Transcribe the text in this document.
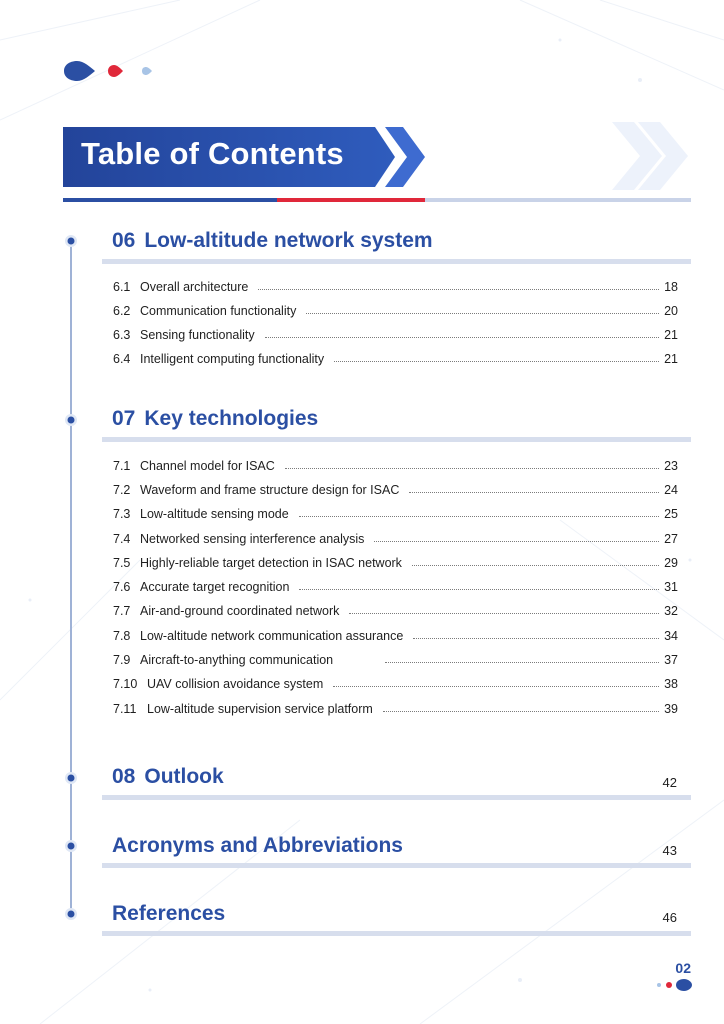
Table of Contents
06 Low-altitude network system
6.1 Overall architecture	18
6.2 Communication functionality	20
6.3 Sensing functionality	21
6.4 Intelligent computing functionality	21
07 Key technologies
7.1 Channel model for ISAC	23
7.2 Waveform and frame structure design for ISAC	24
7.3 Low-altitude sensing mode	25
7.4 Networked sensing interference analysis	27
7.5 Highly-reliable target detection in ISAC network	29
7.6 Accurate target recognition	31
7.7 Air-and-ground coordinated network	32
7.8 Low-altitude network communication assurance	34
7.9 Aircraft-to-anything communication	37
7.10 UAV collision avoidance system	38
7.11 Low-altitude supervision service platform	39
08 Outlook	42
Acronyms and Abbreviations	43
References	46
02
